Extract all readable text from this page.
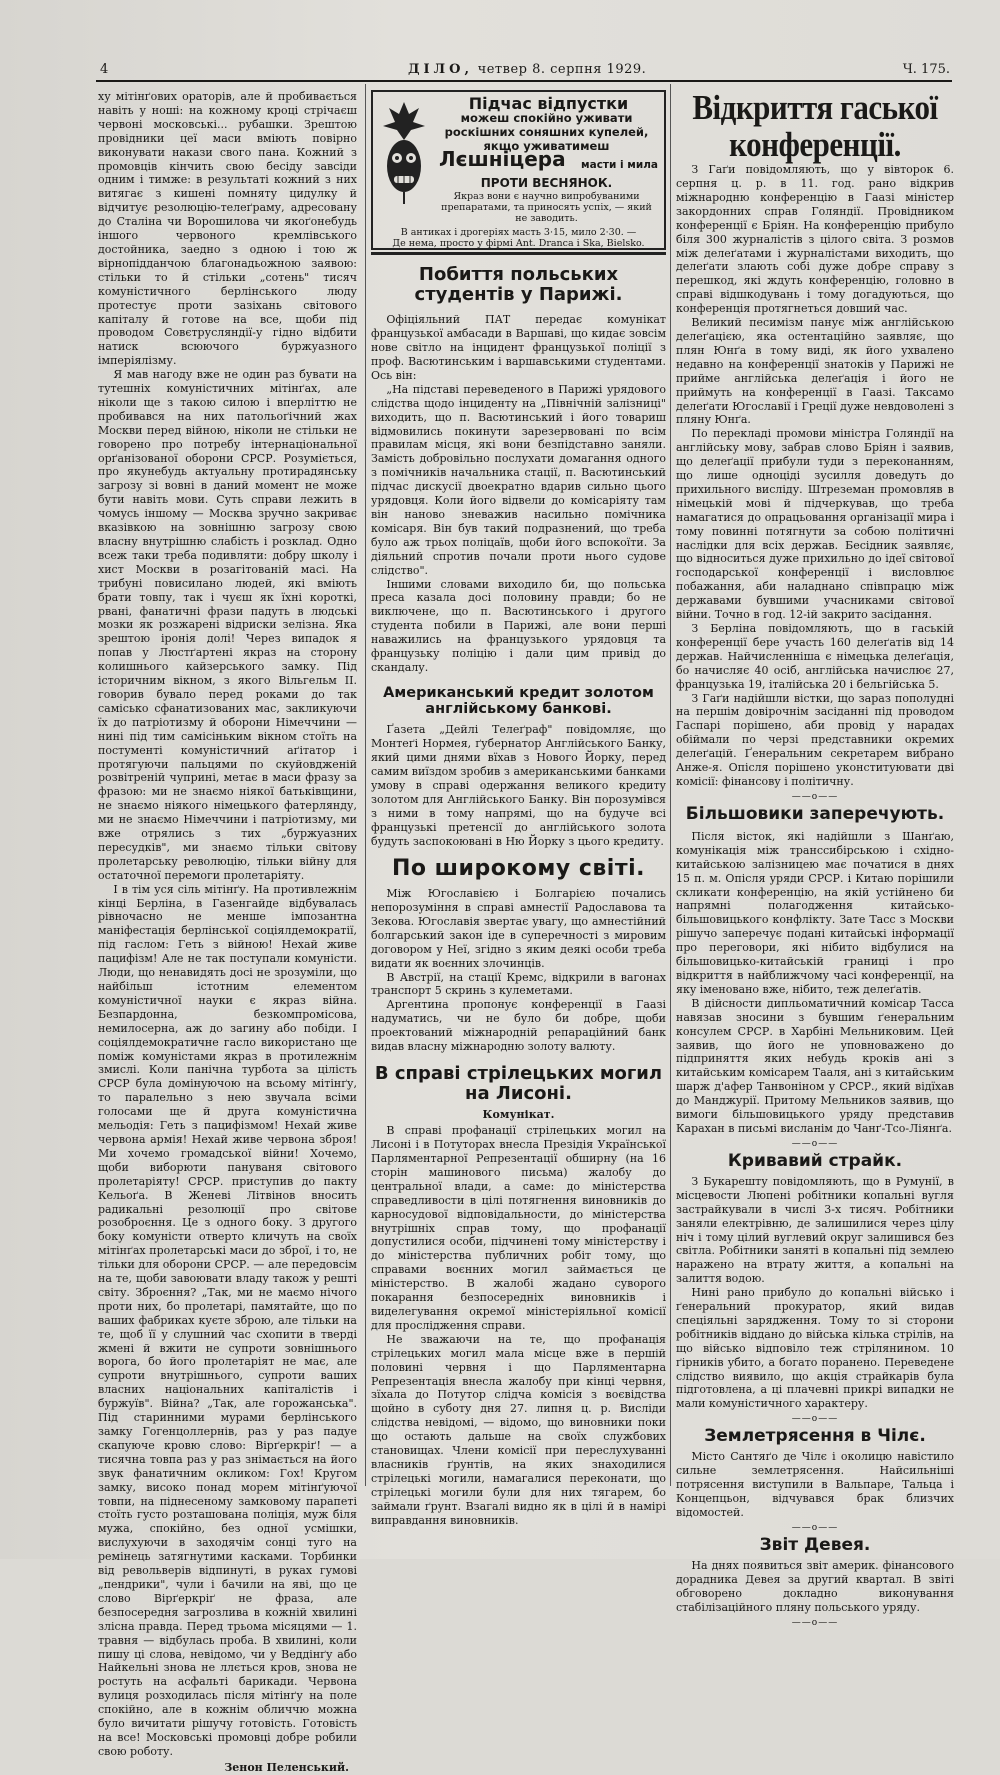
4	ДІЛО, четвер 8. серпня 1929.	Ч. 175.

ху мітінґових ораторів, але й пробивається навіть у ноші: на кожному кроці стрічаєш червоні московські... рубашки. Зрештою провідники цеї маси вміють повірно виконувати накази свого пана. Кожний з промовців кінчить свою бесіду завсіди одним і тимже: в результаті кожний з них витягає з кишені помняту цидулку й відчитує резолюцію-телеґраму, адресовану до Сталіна чи Ворошилова чи якоґонебудь іншого червоного кремлівського достойника, заедно з одною і тою ж вірнопідданчою благонадьожною заявою: стільки то й стільки „сотень" тисяч комуністичного берлінського люду протестує проти зазіхань світового капіталу й готове на все, щоби під проводом Совєтрусляндії-у гідно відбити натиск всюючого буржуазного імперіялізму.

Я мав нагоду вже не один раз бувати на тутешніх комуністичних мітінґах, але ніколи ще з такою силою і вперліттю не пробивався на них патольоґічний жах Москви перед війною, ніколи не стільки не говорено про потребу інтернаціональної орґанізованої оборони СРСР. Розуміється, про якунебудь актуальну протирадянську загрозу зі вовні в даний момент не може бути навіть мови. Суть справи лежить в чомусь іншому — Москва зручно закриває вказівкою на зовнішню загрозу свою власну внутрішню слабість і розклад. Одно всеж таки треба подивляти: добру школу і хист Москви в розагітованій масі. На трибуні повисилано людей, які вміють брати товпу, так і чуєш як їхні короткі, рвані, фанатичні фрази падуть в людські мозки як розжарені відриски зелізна. Яка зрештою іронія долі! Через випадок я попав у Люстґартені якраз на сторону колишнього кайзерського замку. Під історичним вікном, з якого Вільгельм II. говорив бувало перед роками до так самісько сфанатизованих мас, закликуючи їх до патріотизму й оборони Німеччини — нині під тим самісіньким вікном стоїть на постументі комуністичний аґітатор і протягуючи пальцями по скуйовдженій розвітреній чуприні, метає в маси фразу за фразою: ми не знаємо ніякої батьківщини, не знаємо ніякого німецького фатерлянду, ми не знаємо Німеччини і патріотизму, ми вже отрялись з тих „буржуазних пересудків", ми знаємо тільки світову пролетарську революцію, тільки війну для остаточної перемоги пролетаріяту.

І в тім уся сіль мітінґу. На противлежнім кінці Берліна, в Газенгайде відбувалась рівночасно не менше імпозантна маніфестація берлінської соціялдемократії, під гаслом: Геть з війною! Нехай живе пацифізм! Але не так поступали комуністи. Люди, що ненавидять досі не зрозуміли, що найбільш істотним елементом комуністичної науки є якраз війна. Безпардонна, безкомпромісова, немилосерна, аж до загину або побіди. І соціялдемократичне гасло використано ще поміж комуністами якраз в протилежнім змислі. Коли панічна турбота за цілість СРСР була домінуючою на всьому мітінґу, то паралельно з нею звучала всіми голосами ще й друга комуністична мельодія: Геть з пацифізмом! Нехай живе червона армія! Нехай живе червона зброя! Ми хочемо громадської війни! Хочемо, щоби виборюти пануваня світового пролетаріяту! СРСР. приступив до пакту Кельоґа. В Женеві Літвінов вносить радикальні резолюції про світове розоброєння. Це з одного боку. З другого боку комуністи отверто кличуть на своїх мітінґах пролетарські маси до зброї, і то, не тільки для оборони СРСР. — але передовсім на те, щоби завоювати владу також у решті світу. Зброєння? „Так, ми не маємо нічого проти них, бо пролетарі, памятайте, що по ваших фабриках куєте зброю, але тільки на те, щоб її у слушний час схопити в тверді жмені й вжити не супроти зовнішнього ворога, бо його пролетаріят не має, але супроти внутрішнього, супроти ваших власних національних капіталістів і буржуїв". Війна? „Так, але горожанська". Під старинними мурами берлінського замку Гогенцоллернів, раз у раз падуе скапуюче кровю слово: Вірґеркріґ! — а тисячна товпа раз у раз знімається на його звук фанатичним окликом: Гох! Кругом замку, високо понад морем мітінґуючої товпи, на піднесеному замковому парапеті стоїть густо розташована поліція, муж біля мужа, спокійно, без одної усмішки, вислухуючи в заходячім сонці туго на ремінець затягнутими касками. Торбинки від револьверів відпинуті, в руках гумові „пендрики", чули і бачили на яві, що це слово Вірґеркріґ не фраза, але безпосередня загрозлива в кожній хвилині злісна правда. Перед трьома місяцями — 1. травня — відбулась проба. В хвилині, коли пишу ці слова, невідомо, чи у Веддінґу або Найкельні знова не ллється кров, знова не ростуть на асфальті барикади. Червона вулиця розходилась після мітінґу на поле спокійно, але в кожнім обличчю можна було вичитати рішучу готовість. Готовість на все! Московські промовці добре робили свою роботу.

Зенон Пеленський.
Підчас відпустки
можеш спокійно уживати роскішних соняшних купелей, якщо уживатимеш
Лєшніцера масти і мила
ПРОТИ ВЕСНЯНОК.
Якраз вони є научно випробуваними препаратами, та приносять успіх, — який не заводить.
В антиках і дрогеріях масть 3·15, мило 2·30. —
Де нема, просто у фірмі Ant. Dranca i Ska, Bielsko.
Побиття польських студентів у Парижі.

Офіціяльний ПАТ передає комунікат французької амбасади в Варшаві, що кидає зовсім нове світло на інцидент французької поліції з проф. Васютинським і варшавськими студентами. Ось він:

„На підставі переведеного в Парижі урядового слідства щодо інциденту на „Північній залізниці" виходить, що п. Васютинський і його товариш відмовились покинути зарезервовані по всім правилам місця, які вони безпідставно заняли. Замість добровільно послухати домагання одного з помічників начальника стації, п. Васютинський підчас дискусії двоекратно вдарив сильно цього урядовця. Коли його відвели до комісаріяту там він наново зневажив насильно помічника комісаря. Він був такий подразнений, що треба було аж трьох поліцаїв, щоби його вспокоїти. За діяльний спротив почали проти нього судове слідство".

Іншими словами виходило би, що польська преса казала досі половину правди; бо не виключене, що п. Васютинського і другого студента побили в Парижі, але вони перші наважились на французького урядовця та французьку поліцію і дали цим привід до скандалу.

Американський кредит золотом англійському банкові.

Ґазета „Дейлі Телеґраф" повідомляє, що Монтеґі Нормея, ґубернатор Англійського Банку, який цими днями вїхав з Нового Йорку, перед самим виїздом зробив з американськими банками умову в справі одержання великого кредиту золотом для Англійського Банку. Він порозумівся з ними в тому напрямі, що на будуче всі французькі претенсії до англійського золота будуть заспокоювані в Ню Йорку з цього кредиту.

По широкому світі.

Між Югославією і Болгарією почались непорозуміння в справі амнестії Радославова та Зекова. Югославія звертає увагу, що амнестійний болгарський закон іде в суперечності з мировим договором у Неї, згідно з яким деякі особи треба видати як воєнних злочинців.

В Австрії, на стації Кремс, відкрили в вагонах транспорт 5 скринь з кулеметами.

Аргентина пропонує конференції в Гаазі надуматись, чи не було би добре, щоби проектований міжнародній репараційний банк видав власну міжнародню золоту валюту.

В справі стрілецьких могил на Лисоні.
Комунікат.

В справі профанації стрілецьких могил на Лисоні і в Потуторах внесла Презідія Української Парляментарної Репрезентації обширну (на 16 сторін машинового письма) жалобу до центральної влади, а саме: до міністерства справедливости в цілі потягнення виновників до карносудової відповідальности, до міністерства внутрішніх справ тому, що профанації допустилися особи, підчинені тому міністерству і до міністерства публичних робіт тому, що справами воєнних могил займається це міністерство. В жалобі жадано суворого покарання безпосередніх виновників і виделегування окремої міністеріяльної комісії для прослідження справи.

Не зважаючи на те, що профанація стрілецьких могил мала місце вже в першій половині червня і що Парляментарна Репрезентація внесла жалобу при кінці червня, зїхала до Потутор слідча комісія з воєвідства щойно в суботу дня 27. липня ц. р. Висліди слідства невідомі, — відомо, що виновники поки що остають дальше на своїх службових становищах. Члени комісії при переслухуванні власників ґрунтів, на яких знаходилися стрілецькі могили, намагалися переконати, що стрілецькі могили були для них тягарем, бо займали ґрунт. Взагалі видно як в цілі й в намірі виправдання виновників.

Відкриття гаської конференції.

З Гаґи повідомляють, що у вівторок 6. серпня ц. р. в 11. год. рано відкрив міжнародню конференцію в Гаазі міністер закордонних справ Голяндії. Провідником конференції є Бріян. На конференцію прибуло біля 300 журналістів з цілого світа. З розмов між делеґатами і журналістами виходить, що делеґати злають собі дуже добре справу з перешкод, які ждуть конференцію, головно в справі відшкодувань і тому догадуються, що конференція протягнеться довший час.

Великий песимізм панує між англійською делеґацією, яка остентаційно заявляє, що плян Юнґа в тому виді, як його ухвалено недавно на конференції знатоків у Парижі не прийме англійська делеґація і його не приймуть на конференції в Гаазі. Таксамо делеґати Югославії і Греції дуже невдоволені з пляну Юнґа.

По перекладі промови міністра Голяндії на англійську мову, забрав слово Бріян і заявив, що делеґації прибули туди з переконанням, що лише одноціді зусилля доведуть до прихильного висліду. Штреземан промовляв в німецькій мові й підчеркував, що треба намагатися до опрацьовання організації мира і тому повинні потягнути за собою політичні наслідки для всіх держав. Бесідник заявляє, що відноситься дуже прихильно до ідеї світової господарської конференції і висловлює побажання, аби наладнано співпрацю між державами бувшими учасниками світової війни. Точно в год. 12-ій закрито засідання.

З Берліна повідомляють, що в гаській конференції бере участь 160 делеґатів від 14 держав. Найчисленніша є німецька делеґація, бо начисляє 40 осіб, англійська начислює 27, французька 19, італійська 20 і бельгійська 5.

З Гаґи надійшли вістки, що зараз пополудні на першім довірочнім засіданні під проводом Гаспарі порішено, аби провід у нарадах обіймали по черзі представники окремих делеґацій. Ґенеральним секретарем вибрано Анже-я. Опісля порішено уконституювати дві комісії: фінансову і політичну.

——o——
Більшовики заперечують.

Після вісток, які надійшли з Шанґаю, комунікація між транссибірською і східно-китайською залізницею має початися в днях 15 п. м. Опісля уряди СРСР. і Китаю порішили скликати конференцію, на якій устійнено би напрямні полагодження китайсько-більшовицького конфлікту. Зате Тасс з Москви рішучо заперечує подані китайські інформації про переговори, які нібито відбулися на більшовицько-китайській границі і про відкриття в найближчому часі конференції, на яку іменовано вже, нібито, теж делеґатів.

В дійсности дипльоматичний комісар Тасса навязав зносини з бувшим ґенеральним консулем СРСР. в Харбіні Мельниковим. Цей заявив, що його не уповноважено до підприняття яких небудь кроків ані з китайським комісарем Тааля, ані з китайським шарж д'афер Танвоніном у СРСР., який відїхав до Манджурії. Притому Мельников заявив, що вимоги більшовицького уряду представив Карахан в письмі висланім до Чанґ-Тсо-Ліянґа.

——o——
Кривавий страйк.

З Букарешту повідомляють, що в Румунії, в місцевости Люпені робітники копальні вугля застрайкували в числі 3-х тисяч. Робітники заняли електрівню, де залишилися через цілу ніч і тому цілий вуглевий округ залишився без світла. Робітники заняті в копальні під землею наражено на втрату життя, а копальні на залиття водою.

Нині рано прибуло до копальні військо і ґенеральний прокуратор, який видав спеціяльні зарядження. Тому то зі сторони робітників віддано до війська кілька стрілів, на що військо відповіло теж стрілянином. 10 ґірників убито, а богато поранено. Переведене слідство виявило, що акція страйкарів була підготовлена, а ці плачевні прикрі випадки не мали комуністичного характеру.

——o——
Землетрясення в Чілє.

Місто Сантяґо де Чілє і околицю навістило сильне землетрясення. Найсильніші потрясення виступили в Вальпаре, Тальца і Концепцьон, відчувався брак близчих відомостей.

——o——
Звіт Девея.

На днях появиться звіт америк. фінансового дорадника Девея за другий квартал. В звіті обговорено докладно виконування стабілізаційного пляну польського уряду.

——o——
